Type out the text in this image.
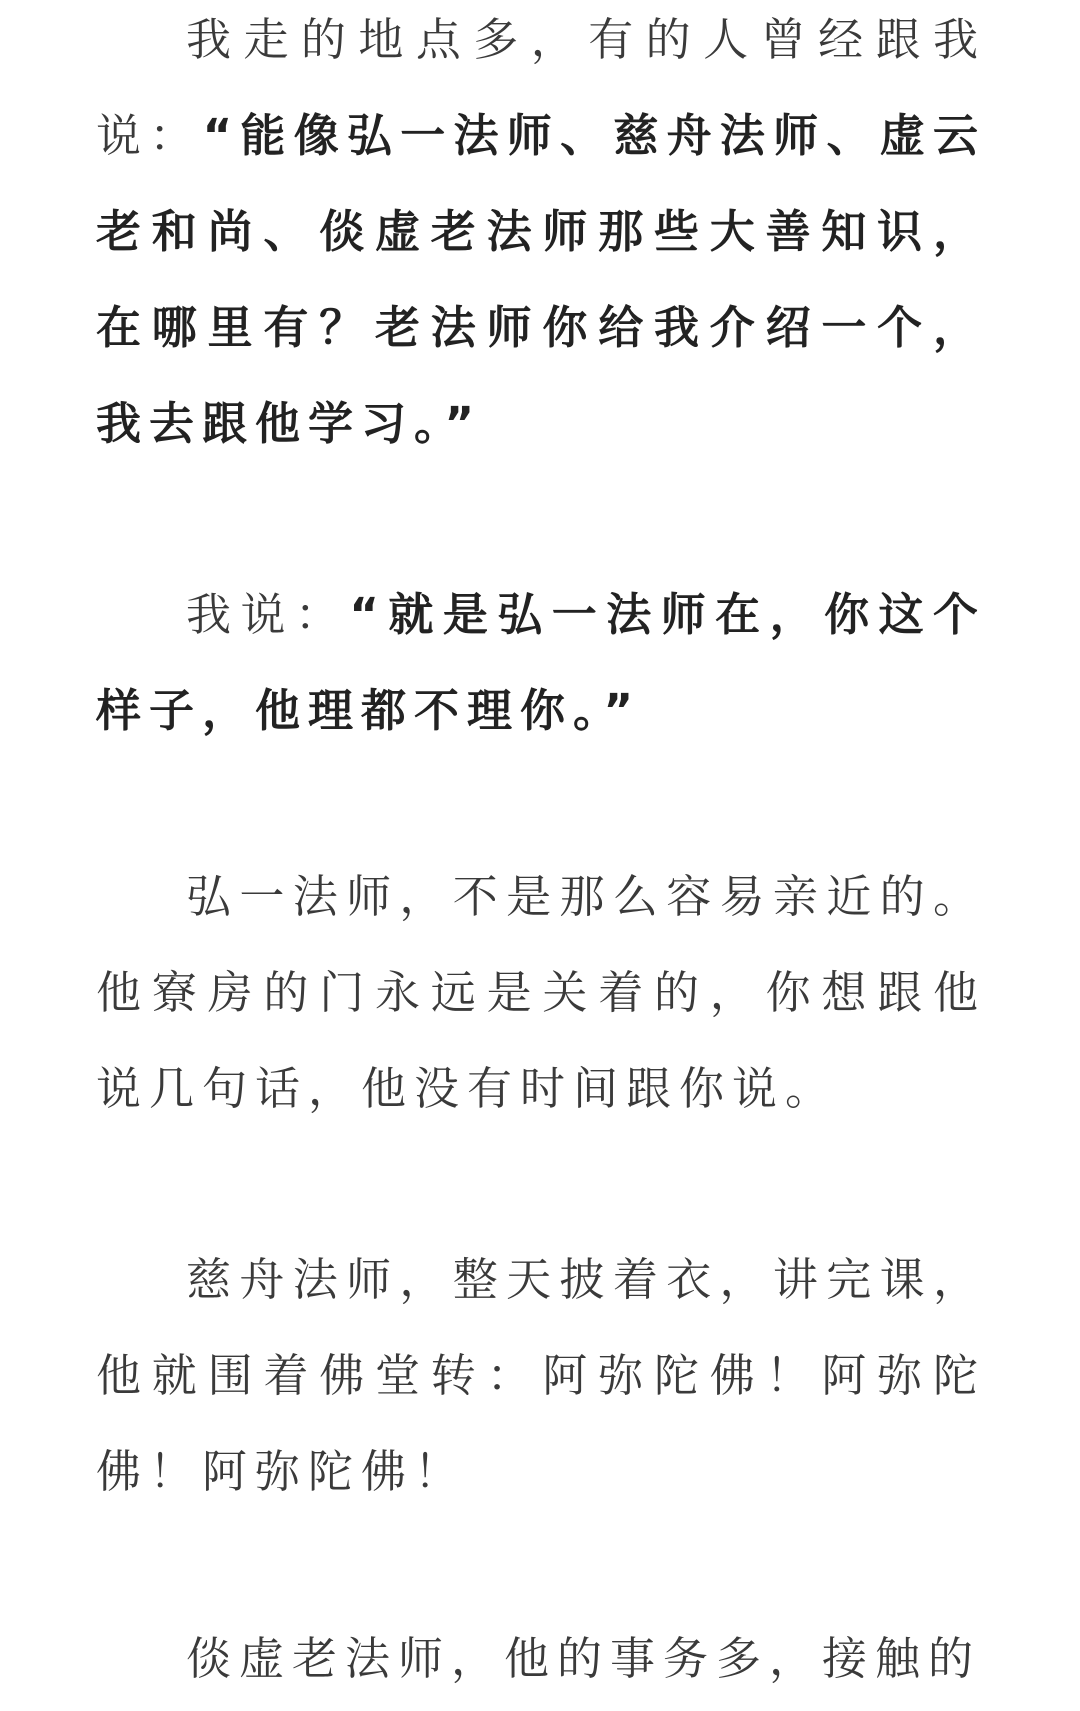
我走的地点多，有的人曾经跟我说：“能像弘一法师、慈舟法师、虚云老和尚、倓虚老法师那些大善知识，在哪里有？老法师你给我介绍一个，我去跟他学习。”

我说：“就是弘一法师在，你这个样子，他理都不理你。”

弘一法师，不是那么容易亲近的。他寮房的门永远是关着的，你想跟他说几句话，他没有时间跟你说。

慈舟法师，整天披着衣，讲完课，他就围着佛堂转：阿弥陀佛！阿弥陀佛！阿弥陀佛！

倓虚老法师，他的事务多，接触的
